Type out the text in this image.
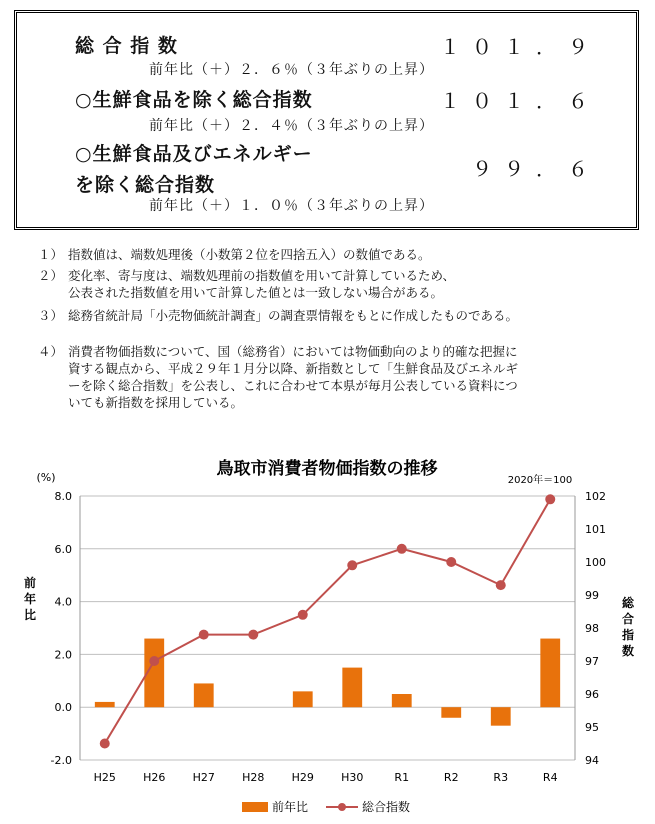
総 合 指 数	１０１．９
前年比（＋）２．６％（３年ぶりの上昇）
○生鮮食品を除く総合指数	１０１．６
前年比（＋）２．４％（３年ぶりの上昇）
○生鮮食品及びエネルギー
を除く総合指数
９９．６
前年比（＋）１．０％（３年ぶりの上昇）
１） 指数値は、端数処理後（小数第２位を四捨五入）の数値である。
２） 変化率、寄与度は、端数処理前の指数値を用いて計算しているため、
公表された指数値を用いて計算した値とは一致しない場合がある。
３） 総務省統計局「小売物価統計調査」の調査票情報をもとに作成したものである。
４） 消費者物価指数について、国（総務省）においては物価動向のより的確な把握に
資する観点から、平成２９年１月分以降、新指数として「生鮮食品及びエネルギ
ーを除く総合指数」を公表し、これに合わせて本県が毎月公表している資料につ
いても新指数を採用している。
鳥取市消費者物価指数の推移
2020年＝100
(%)
8.0
6.0
4.0
2.0
0.0
-2.0
102
101
100
99
98
97
96
95
94
H25 H26 H27 H28 H29 H30	R1	R2	R3	R4
前
年
比
総
合
指
数
前年比	総合指数
